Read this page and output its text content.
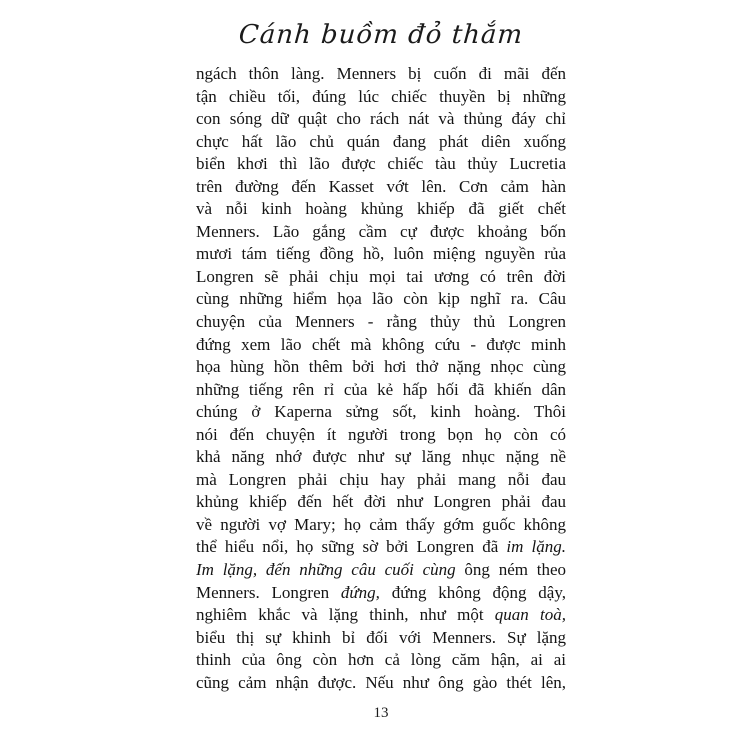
Cánh buồm đỏ thắm
ngách thôn làng. Menners bị cuốn đi mãi đến
tận chiều tối, đúng lúc chiếc thuyền bị những
con sóng dữ quật cho rách nát và thủng đáy chỉ
chực hất lão chủ quán đang phát diên xuống
biển khơi thì lão được chiếc tàu thủy Lucretia
trên đường đến Kasset vớt lên. Cơn cảm hàn
và nỗi kinh hoàng khủng khiếp đã giết chết
Menners. Lão gắng cầm cự được khoảng bốn
mươi tám tiếng đồng hồ, luôn miệng nguyền rủa
Longren sẽ phải chịu mọi tai ương có trên đời
cùng những hiểm họa lão còn kịp nghĩ ra. Câu
chuyện của Menners - rằng thủy thủ Longren
đứng xem lão chết mà không cứu - được minh
họa hùng hồn thêm bởi hơi thở nặng nhọc cùng
những tiếng rên rỉ của kẻ hấp hối đã khiến dân
chúng ở Kaperna sửng sốt, kinh hoàng. Thôi
nói đến chuyện ít người trong bọn họ còn có
khả năng nhớ được như sự lăng nhục nặng nề
mà Longren phải chịu hay phải mang nỗi đau
khủng khiếp đến hết đời như Longren phải đau
về người vợ Mary; họ cảm thấy gớm guốc không
thể hiểu nổi, họ sững sờ bởi Longren đã im lặng.
Im lặng, đến những câu cuối cùng ông ném theo
Menners. Longren đứng, đứng không động dậy,
nghiêm khắc và lặng thinh, như một quan toà,
biểu thị sự khinh bỉ đối với Menners. Sự lặng
thinh của ông còn hơn cả lòng căm hận, ai ai
cũng cảm nhận được. Nếu như ông gào thét lên,
13
